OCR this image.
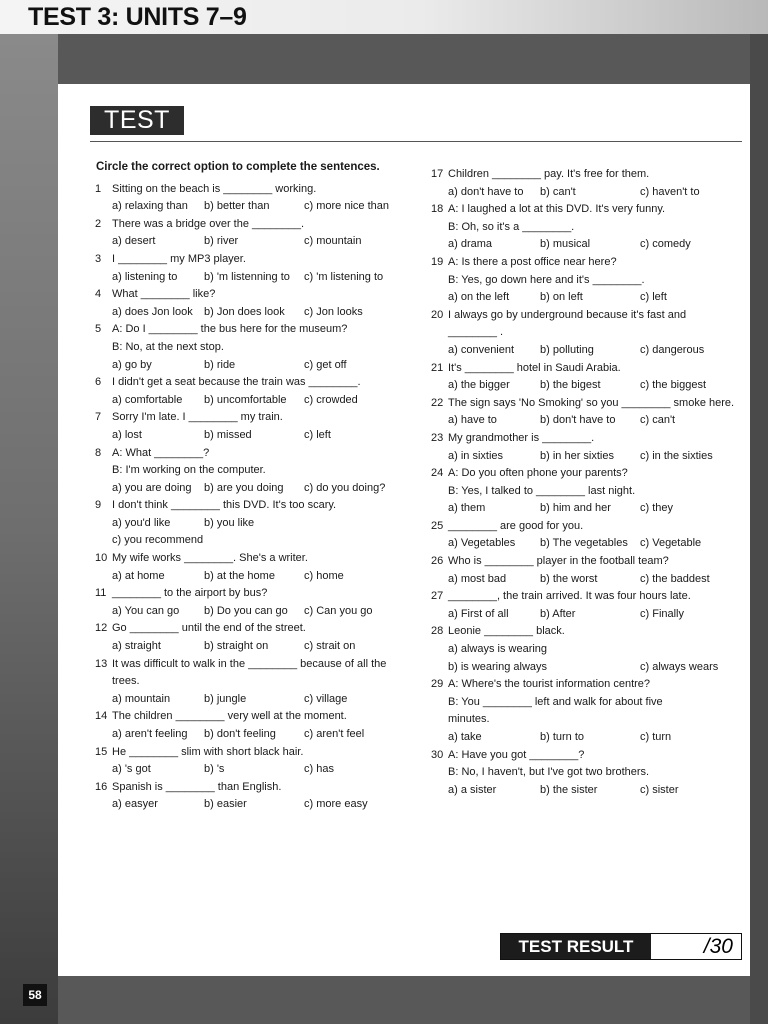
TEST 3: UNITS 7–9
TEST
Circle the correct option to complete the sentences.
1 Sitting on the beach is ________ working.
a) relaxing than	b) better than	c) more nice than
2 There was a bridge over the ________.
a) desert	b) river	c) mountain
3 I ________ my MP3 player.
a) listening to	b) 'm listenning to	c) 'm listening to
4 What ________ like?
a) does Jon look	b) Jon does look	c) Jon looks
5 A: Do I ________ the bus here for the museum?
B: No, at the next stop.
a) go by	b) ride	c) get off
6 I didn't get a seat because the train was ________.
a) comfortable	b) uncomfortable	c) crowded
7 Sorry I'm late. I ________ my train.
a) lost	b) missed	c) left
8 A: What ________?
B: I'm working on the computer.
a) you are doing	b) are you doing	c) do you doing?
9 I don't think ________ this DVD. It's too scary.
a) you'd like	b) you like
c) you recommend
10 My wife works ________. She's a writer.
a) at home	b) at the home	c) home
11 ________ to the airport by bus?
a) You can go	b) Do you can go	c) Can you go
12 Go ________ until the end of the street.
a) straight	b) straight on	c) strait on
13 It was difficult to walk in the ________ because of all the trees.
a) mountain	b) jungle	c) village
14 The children ________ very well at the moment.
a) aren't feeling	b) don't feeling	c) aren't feel
15 He ________ slim with short black hair.
a) 's got	b) 's	c) has
16 Spanish is ________ than English.
a) easyer	b) easier	c) more easy
17 Children ________ pay. It's free for them.
a) don't have to	b) can't	c) haven't to
18 A: I laughed a lot at this DVD. It's very funny.
B: Oh, so it's a ________.
a) drama	b) musical	c) comedy
19 A: Is there a post office near here?
B: Yes, go down here and it's ________.
a) on the left	b) on left	c) left
20 I always go by underground because it's fast and
________ .
a) convenient	b) polluting	c) dangerous
21 It's ________ hotel in Saudi Arabia.
a) the bigger	b) the bigest	c) the biggest
22 The sign says 'No Smoking' so you ________ smoke here.
a) have to	b) don't have to	c) can't
23 My grandmother is ________.
a) in sixties	b) in her sixties	c) in the sixties
24 A: Do you often phone your parents?
B: Yes, I talked to ________ last night.
a) them	b) him and her	c) they
25 ________ are good for you.
a) Vegetables	b) The vegetables	c) Vegetable
26 Who is ________ player in the football team?
a) most bad	b) the worst	c) the baddest
27 ________, the train arrived. It was four hours late.
a) First of all	b) After	c) Finally
28 Leonie ________ black.
a) always is wearing
b) is wearing always	c) always wears
29 A: Where's the tourist information centre?
B: You ________ left and walk for about five
minutes.
a) take	b) turn to	c) turn
30 A: Have you got ________?
B: No, I haven't, but I've got two brothers.
a) a sister	b) the sister	c) sister
TEST RESULT	/30
58
